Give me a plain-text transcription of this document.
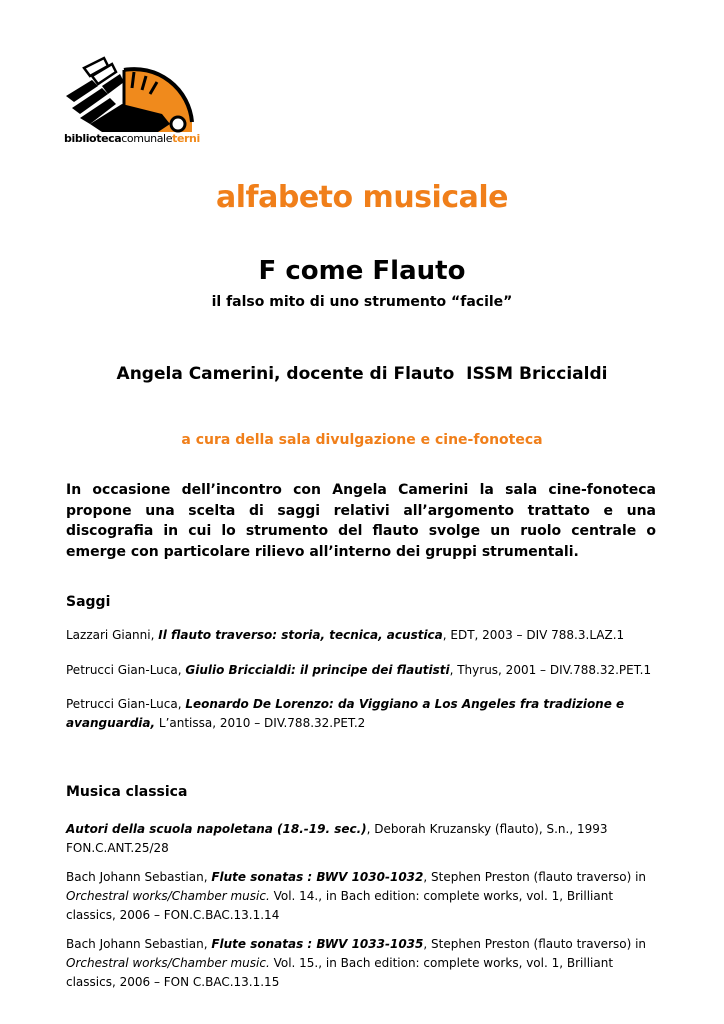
bibliotecacomunaleterni
alfabeto musicale
F come Flauto
il falso mito di uno strumento “facile”
Angela Camerini, docente di Flauto  ISSM Briccialdi
a cura della sala divulgazione e cine-fonoteca
In occasione dell’incontro con Angela Camerini la sala cine-fonoteca propone una scelta di saggi relativi all’argomento trattato e una discografia in cui lo strumento del flauto svolge un ruolo centrale o emerge con particolare rilievo all’interno dei gruppi strumentali.
Saggi
Lazzari Gianni, Il flauto traverso: storia, tecnica, acustica, EDT, 2003 – DIV 788.3.LAZ.1
Petrucci Gian-Luca, Giulio Briccialdi: il principe dei flautisti, Thyrus, 2001 – DIV.788.32.PET.1
Petrucci Gian-Luca, Leonardo De Lorenzo: da Viggiano a Los Angeles fra tradizione e avanguardia, L’antissa, 2010 – DIV.788.32.PET.2
Musica classica
Autori della scuola napoletana (18.-19. sec.), Deborah Kruzansky (flauto), S.n., 1993 FON.C.ANT.25/28
Bach Johann Sebastian, Flute sonatas : BWV 1030-1032, Stephen Preston (flauto traverso) in Orchestral works/Chamber music. Vol. 14., in Bach edition: complete works, vol. 1, Brilliant classics, 2006 – FON.C.BAC.13.1.14
Bach Johann Sebastian, Flute sonatas : BWV 1033-1035, Stephen Preston (flauto traverso) in Orchestral works/Chamber music. Vol. 15., in Bach edition: complete works, vol. 1, Brilliant classics, 2006 – FON C.BAC.13.1.15
